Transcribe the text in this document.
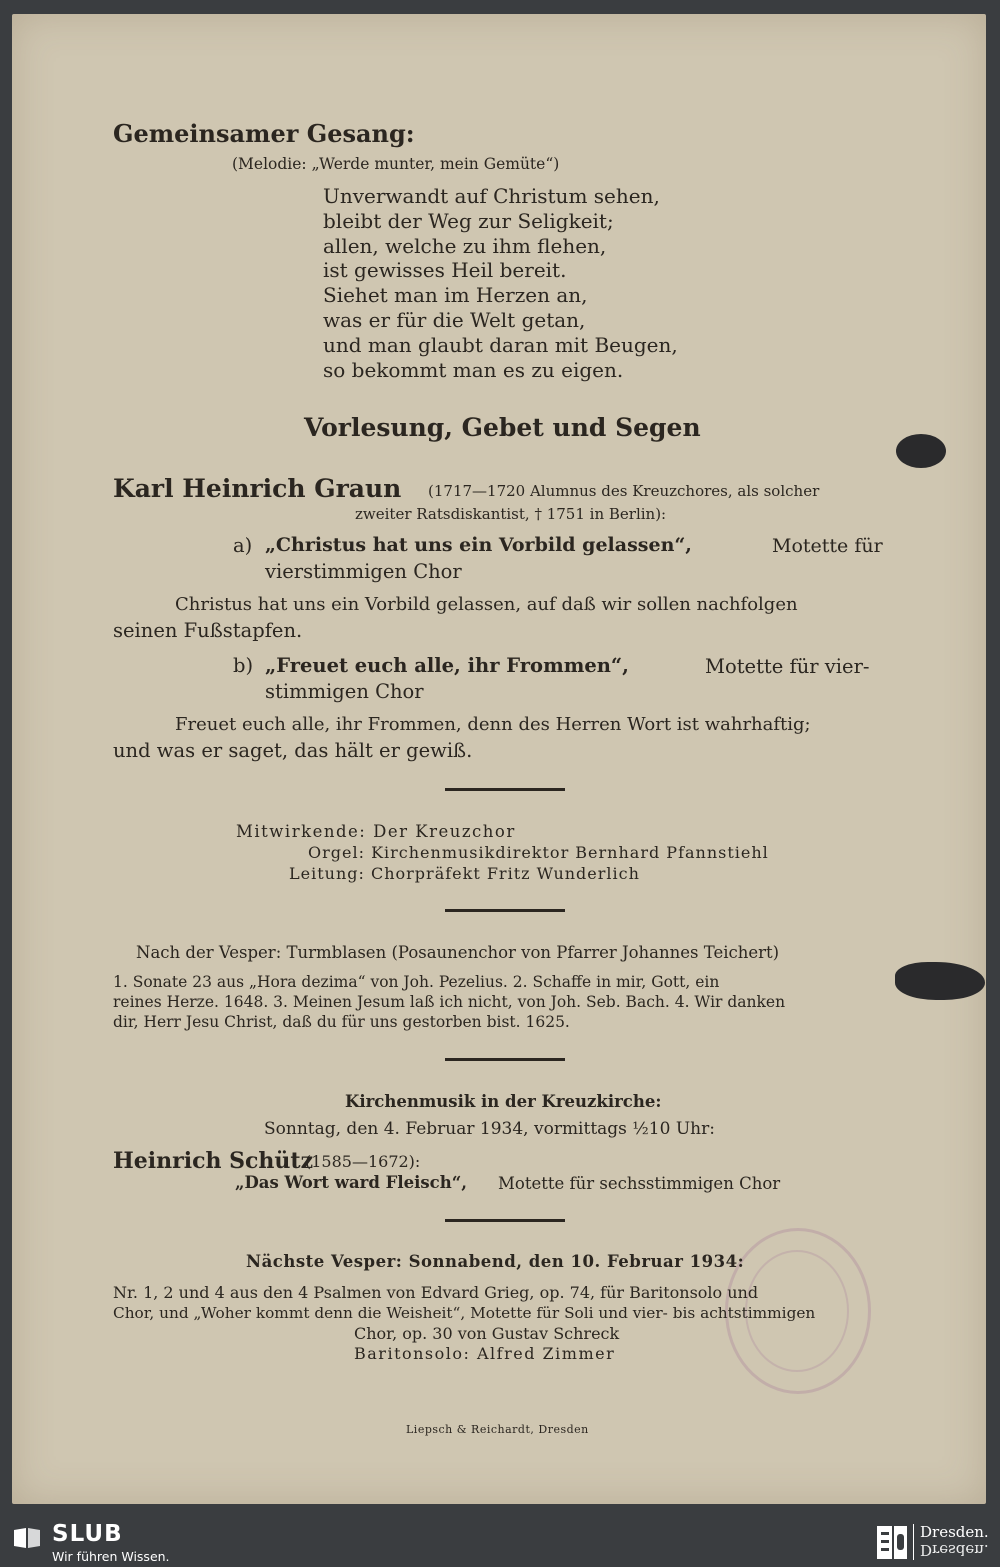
Gemeinsamer Gesang:
(Melodie: „Werde munter, mein Gemüte“)
Unverwandt auf Christum sehen,
bleibt der Weg zur Seligkeit;
allen, welche zu ihm flehen,
ist gewisses Heil bereit.
Siehet man im Herzen an,
was er für die Welt getan,
und man glaubt daran mit Beugen,
so bekommt man es zu eigen.
Vorlesung, Gebet und Segen
Karl Heinrich Graun (1717—1720 Alumnus des Kreuzchores, als solcher
zweiter Ratsdiskantist, † 1751 in Berlin):
a) „Christus hat uns ein Vorbild gelassen“,	Motette für
vierstimmigen Chor
Christus hat uns ein Vorbild gelassen, auf daß wir sollen nachfolgen
seinen Fußstapfen.
b) „Freuet euch alle, ihr Frommen“,	Motette für vier-
stimmigen Chor
Freuet euch alle, ihr Frommen, denn des Herren Wort ist wahrhaftig;
und was er saget, das hält er gewiß.
Mitwirkende: Der Kreuzchor
Orgel: Kirchenmusikdirektor Bernhard Pfannstiehl
Leitung: Chorpräfekt Fritz Wunderlich
Nach der Vesper: Turmblasen (Posaunenchor von Pfarrer Johannes Teichert)
1. Sonate 23 aus „Hora dezima“ von Joh. Pezelius. 2. Schaffe in mir, Gott, ein
reines Herze. 1648. 3. Meinen Jesum laß ich nicht, von Joh. Seb. Bach. 4. Wir danken
dir, Herr Jesu Christ, daß du für uns gestorben bist. 1625.
Kirchenmusik in der Kreuzkirche:
Sonntag, den 4. Februar 1934, vormittags ½10 Uhr:
Heinrich Schütz
(1585—1672):
„Das Wort ward Fleisch“, Motette für sechsstimmigen Chor
Nächste Vesper: Sonnabend, den 10. Februar 1934:
Nr. 1, 2 und 4 aus den 4 Psalmen von Edvard Grieg, op. 74, für Baritonsolo und
Chor, und „Woher kommt denn die Weisheit“, Motette für Soli und vier- bis achtstimmigen
Chor, op. 30 von Gustav Schreck
Baritonsolo: Alfred Zimmer
Liepsch & Reichardt, Dresden
SLUB
Wir führen Wissen.
Dresden.
Dresden.
